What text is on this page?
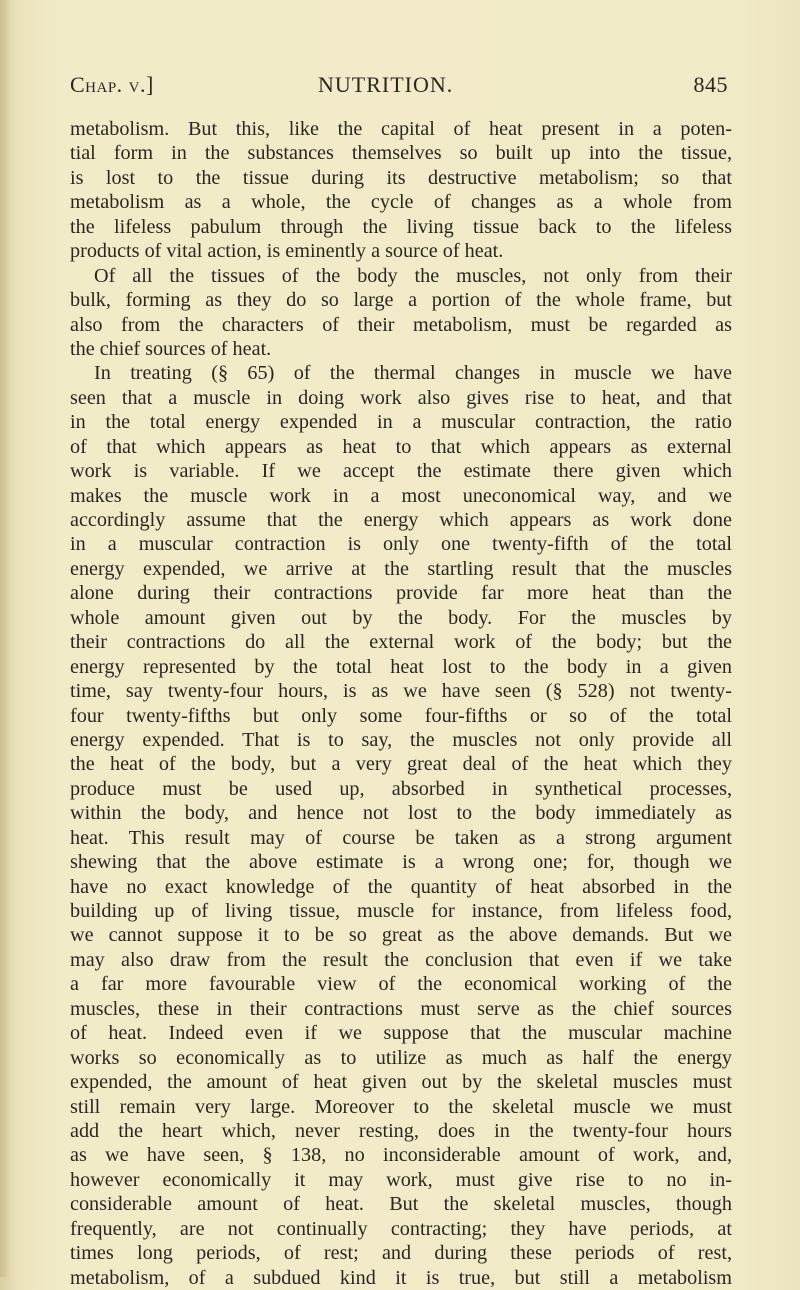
Chap. v.]	NUTRITION.	845
metabolism. But this, like the capital of heat present in a poten-
tial form in the substances themselves so built up into the tissue,
is lost to the tissue during its destructive metabolism; so that
metabolism as a whole, the cycle of changes as a whole from
the lifeless pabulum through the living tissue back to the lifeless
products of vital action, is eminently a source of heat.
Of all the tissues of the body the muscles, not only from their
bulk, forming as they do so large a portion of the whole frame, but
also from the characters of their metabolism, must be regarded as
the chief sources of heat.
In treating (§ 65) of the thermal changes in muscle we have
seen that a muscle in doing work also gives rise to heat, and that
in the total energy expended in a muscular contraction, the ratio
of that which appears as heat to that which appears as external
work is variable. If we accept the estimate there given which
makes the muscle work in a most uneconomical way, and we
accordingly assume that the energy which appears as work done
in a muscular contraction is only one twenty-fifth of the total
energy expended, we arrive at the startling result that the muscles
alone during their contractions provide far more heat than the
whole amount given out by the body. For the muscles by
their contractions do all the external work of the body; but the
energy represented by the total heat lost to the body in a given
time, say twenty-four hours, is as we have seen (§ 528) not twenty-
four twenty-fifths but only some four-fifths or so of the total
energy expended. That is to say, the muscles not only provide all
the heat of the body, but a very great deal of the heat which they
produce must be used up, absorbed in synthetical processes,
within the body, and hence not lost to the body immediately as
heat. This result may of course be taken as a strong argument
shewing that the above estimate is a wrong one; for, though we
have no exact knowledge of the quantity of heat absorbed in the
building up of living tissue, muscle for instance, from lifeless food,
we cannot suppose it to be so great as the above demands. But we
may also draw from the result the conclusion that even if we take
a far more favourable view of the economical working of the
muscles, these in their contractions must serve as the chief sources
of heat. Indeed even if we suppose that the muscular machine
works so economically as to utilize as much as half the energy
expended, the amount of heat given out by the skeletal muscles must
still remain very large. Moreover to the skeletal muscle we must
add the heart which, never resting, does in the twenty-four hours
as we have seen, § 138, no inconsiderable amount of work, and,
however economically it may work, must give rise to no in-
considerable amount of heat. But the skeletal muscles, though
frequently, are not continually contracting; they have periods, at
times long periods, of rest; and during these periods of rest,
metabolism, of a subdued kind it is true, but still a metabolism
